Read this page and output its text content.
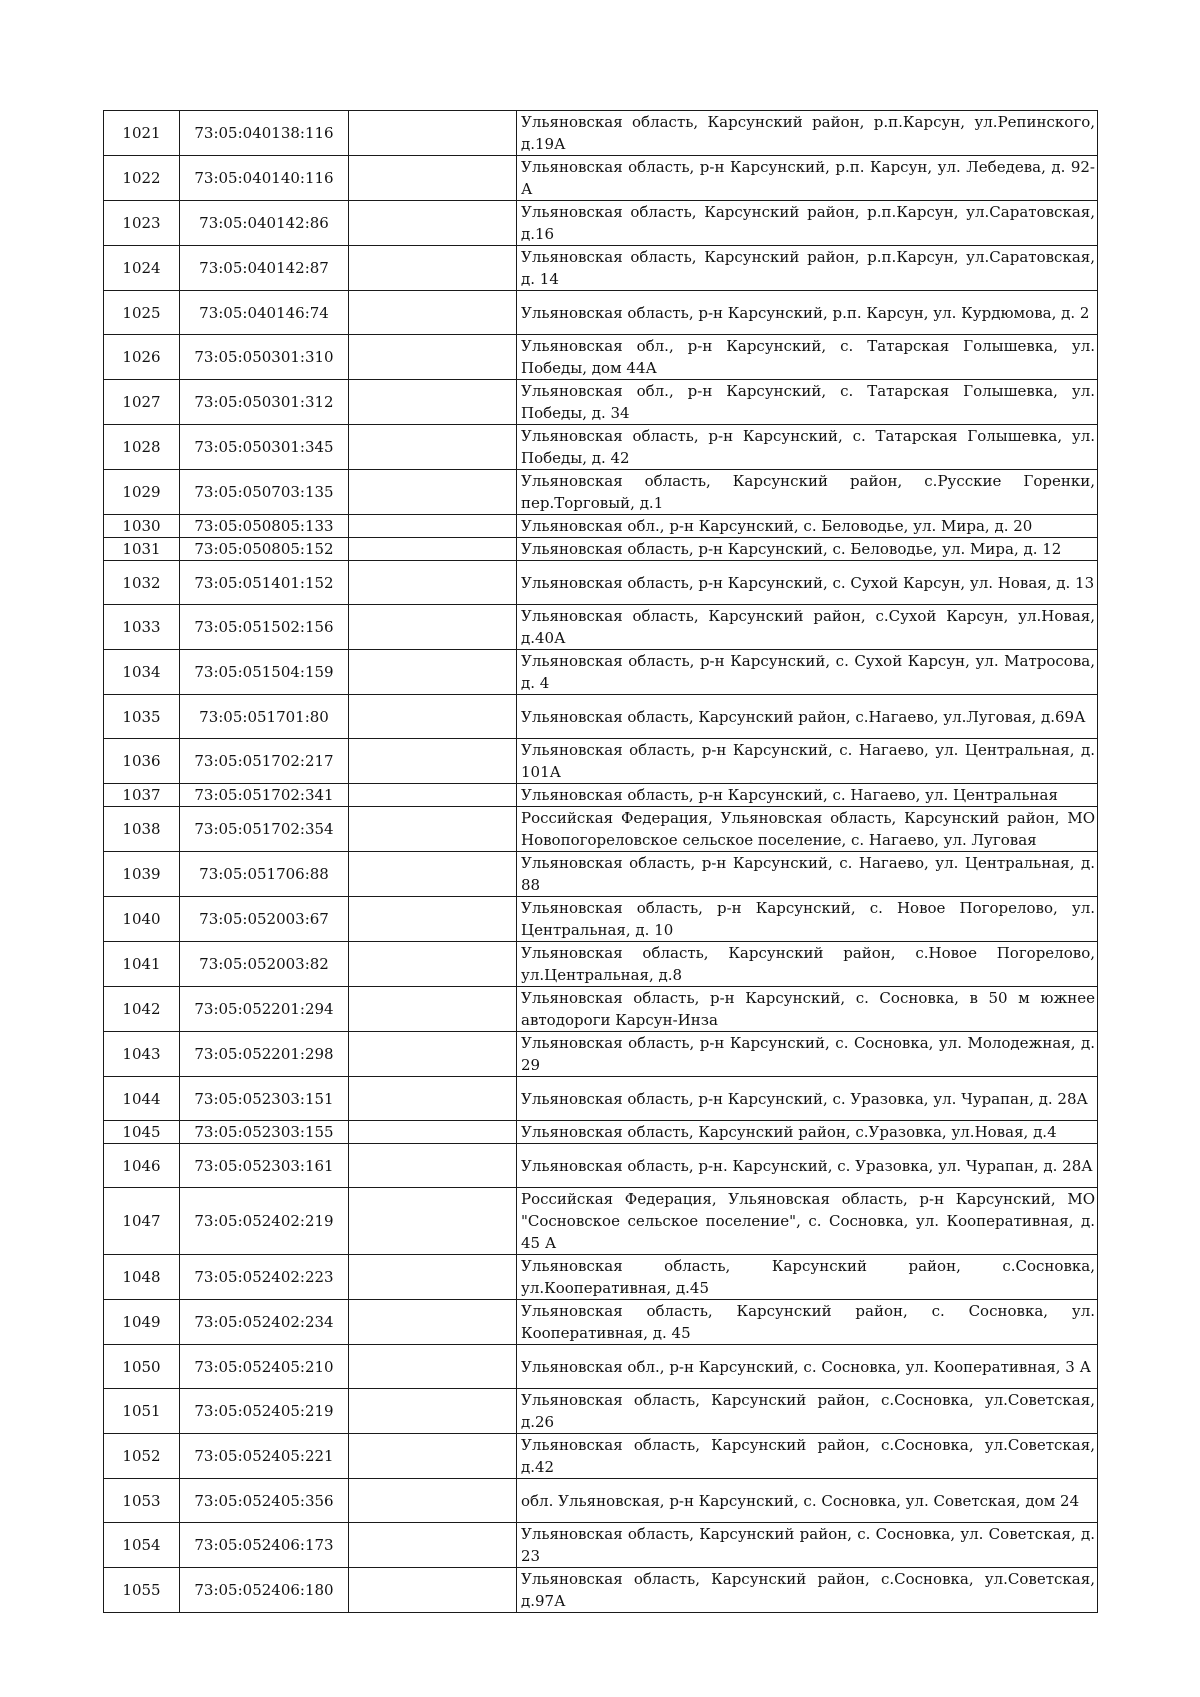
1021	73:05:040138:116		Ульяновская область, Карсунский район, р.п.Карсун, ул.Репинского, д.19А
1022	73:05:040140:116		Ульяновская область, р-н Карсунский, р.п. Карсун, ул. Лебедева, д. 92-А
1023	73:05:040142:86		Ульяновская область, Карсунский район, р.п.Карсун, ул.Саратовская, д.16
1024	73:05:040142:87		Ульяновская область, Карсунский район, р.п.Карсун, ул.Саратовская, д. 14
1025	73:05:040146:74		Ульяновская область, р-н Карсунский, р.п. Карсун, ул. Курдюмова, д. 2
1026	73:05:050301:310		Ульяновская обл., р-н Карсунский, с. Татарская Голышевка, ул. Победы, дом 44А
1027	73:05:050301:312		Ульяновская обл., р-н Карсунский, с. Татарская Голышевка, ул. Победы, д. 34
1028	73:05:050301:345		Ульяновская область, р-н Карсунский, с. Татарская Голышевка, ул. Победы, д. 42
1029	73:05:050703:135		Ульяновская область, Карсунский район, с.Русские Горенки, пер.Торговый, д.1
1030	73:05:050805:133		Ульяновская обл., р-н Карсунский, с. Беловодье, ул. Мира, д. 20
1031	73:05:050805:152		Ульяновская область, р-н Карсунский, с. Беловодье, ул. Мира, д. 12
1032	73:05:051401:152		Ульяновская область, р-н Карсунский, с. Сухой Карсун, ул. Новая, д. 13
1033	73:05:051502:156		Ульяновская область, Карсунский район, с.Сухой Карсун, ул.Новая, д.40А
1034	73:05:051504:159		Ульяновская область, р-н Карсунский, с. Сухой Карсун, ул. Матросова, д. 4
1035	73:05:051701:80		Ульяновская область, Карсунский район, с.Нагаево, ул.Луговая, д.69А
1036	73:05:051702:217		Ульяновская область, р-н Карсунский, с. Нагаево, ул. Центральная, д. 101А
1037	73:05:051702:341		Ульяновская область, р-н Карсунский, с. Нагаево, ул. Центральная
1038	73:05:051702:354		Российская Федерация, Ульяновская область, Карсунский район, МО Новопогореловское сельское поселение, с. Нагаево, ул. Луговая
1039	73:05:051706:88		Ульяновская область, р-н Карсунский, с. Нагаево, ул. Центральная, д. 88
1040	73:05:052003:67		Ульяновская область, р-н Карсунский, с. Новое Погорелово, ул. Центральная, д. 10
1041	73:05:052003:82		Ульяновская область, Карсунский район, с.Новое Погорелово, ул.Центральная, д.8
1042	73:05:052201:294		Ульяновская область, р-н Карсунский, с. Сосновка, в 50 м южнее автодороги Карсун-Инза
1043	73:05:052201:298		Ульяновская область, р-н Карсунский, с. Сосновка, ул. Молодежная, д. 29
1044	73:05:052303:151		Ульяновская область, р-н Карсунский, с. Уразовка, ул. Чурапан, д. 28А
1045	73:05:052303:155		Ульяновская область, Карсунский район, с.Уразовка, ул.Новая, д.4
1046	73:05:052303:161		Ульяновская область, р-н. Карсунский, с. Уразовка, ул. Чурапан, д. 28А
1047	73:05:052402:219		Российская Федерация, Ульяновская область, р-н Карсунский, МО "Сосновское сельское поселение", с. Сосновка, ул. Кооперативная, д. 45 А
1048	73:05:052402:223		Ульяновская область, Карсунский район, с.Сосновка, ул.Кооперативная, д.45
1049	73:05:052402:234		Ульяновская область, Карсунский район, с. Сосновка, ул. Кооперативная, д. 45
1050	73:05:052405:210		Ульяновская обл., р-н Карсунский, с. Сосновка, ул. Кооперативная, 3 А
1051	73:05:052405:219		Ульяновская область, Карсунский район, с.Сосновка, ул.Советская, д.26
1052	73:05:052405:221		Ульяновская область, Карсунский район, с.Сосновка, ул.Советская, д.42
1053	73:05:052405:356		обл. Ульяновская, р-н Карсунский, с. Сосновка, ул. Советская, дом 24
1054	73:05:052406:173		Ульяновская область, Карсунский район, с. Сосновка, ул. Советская, д. 23
1055	73:05:052406:180		Ульяновская область, Карсунский район, с.Сосновка, ул.Советская, д.97А
